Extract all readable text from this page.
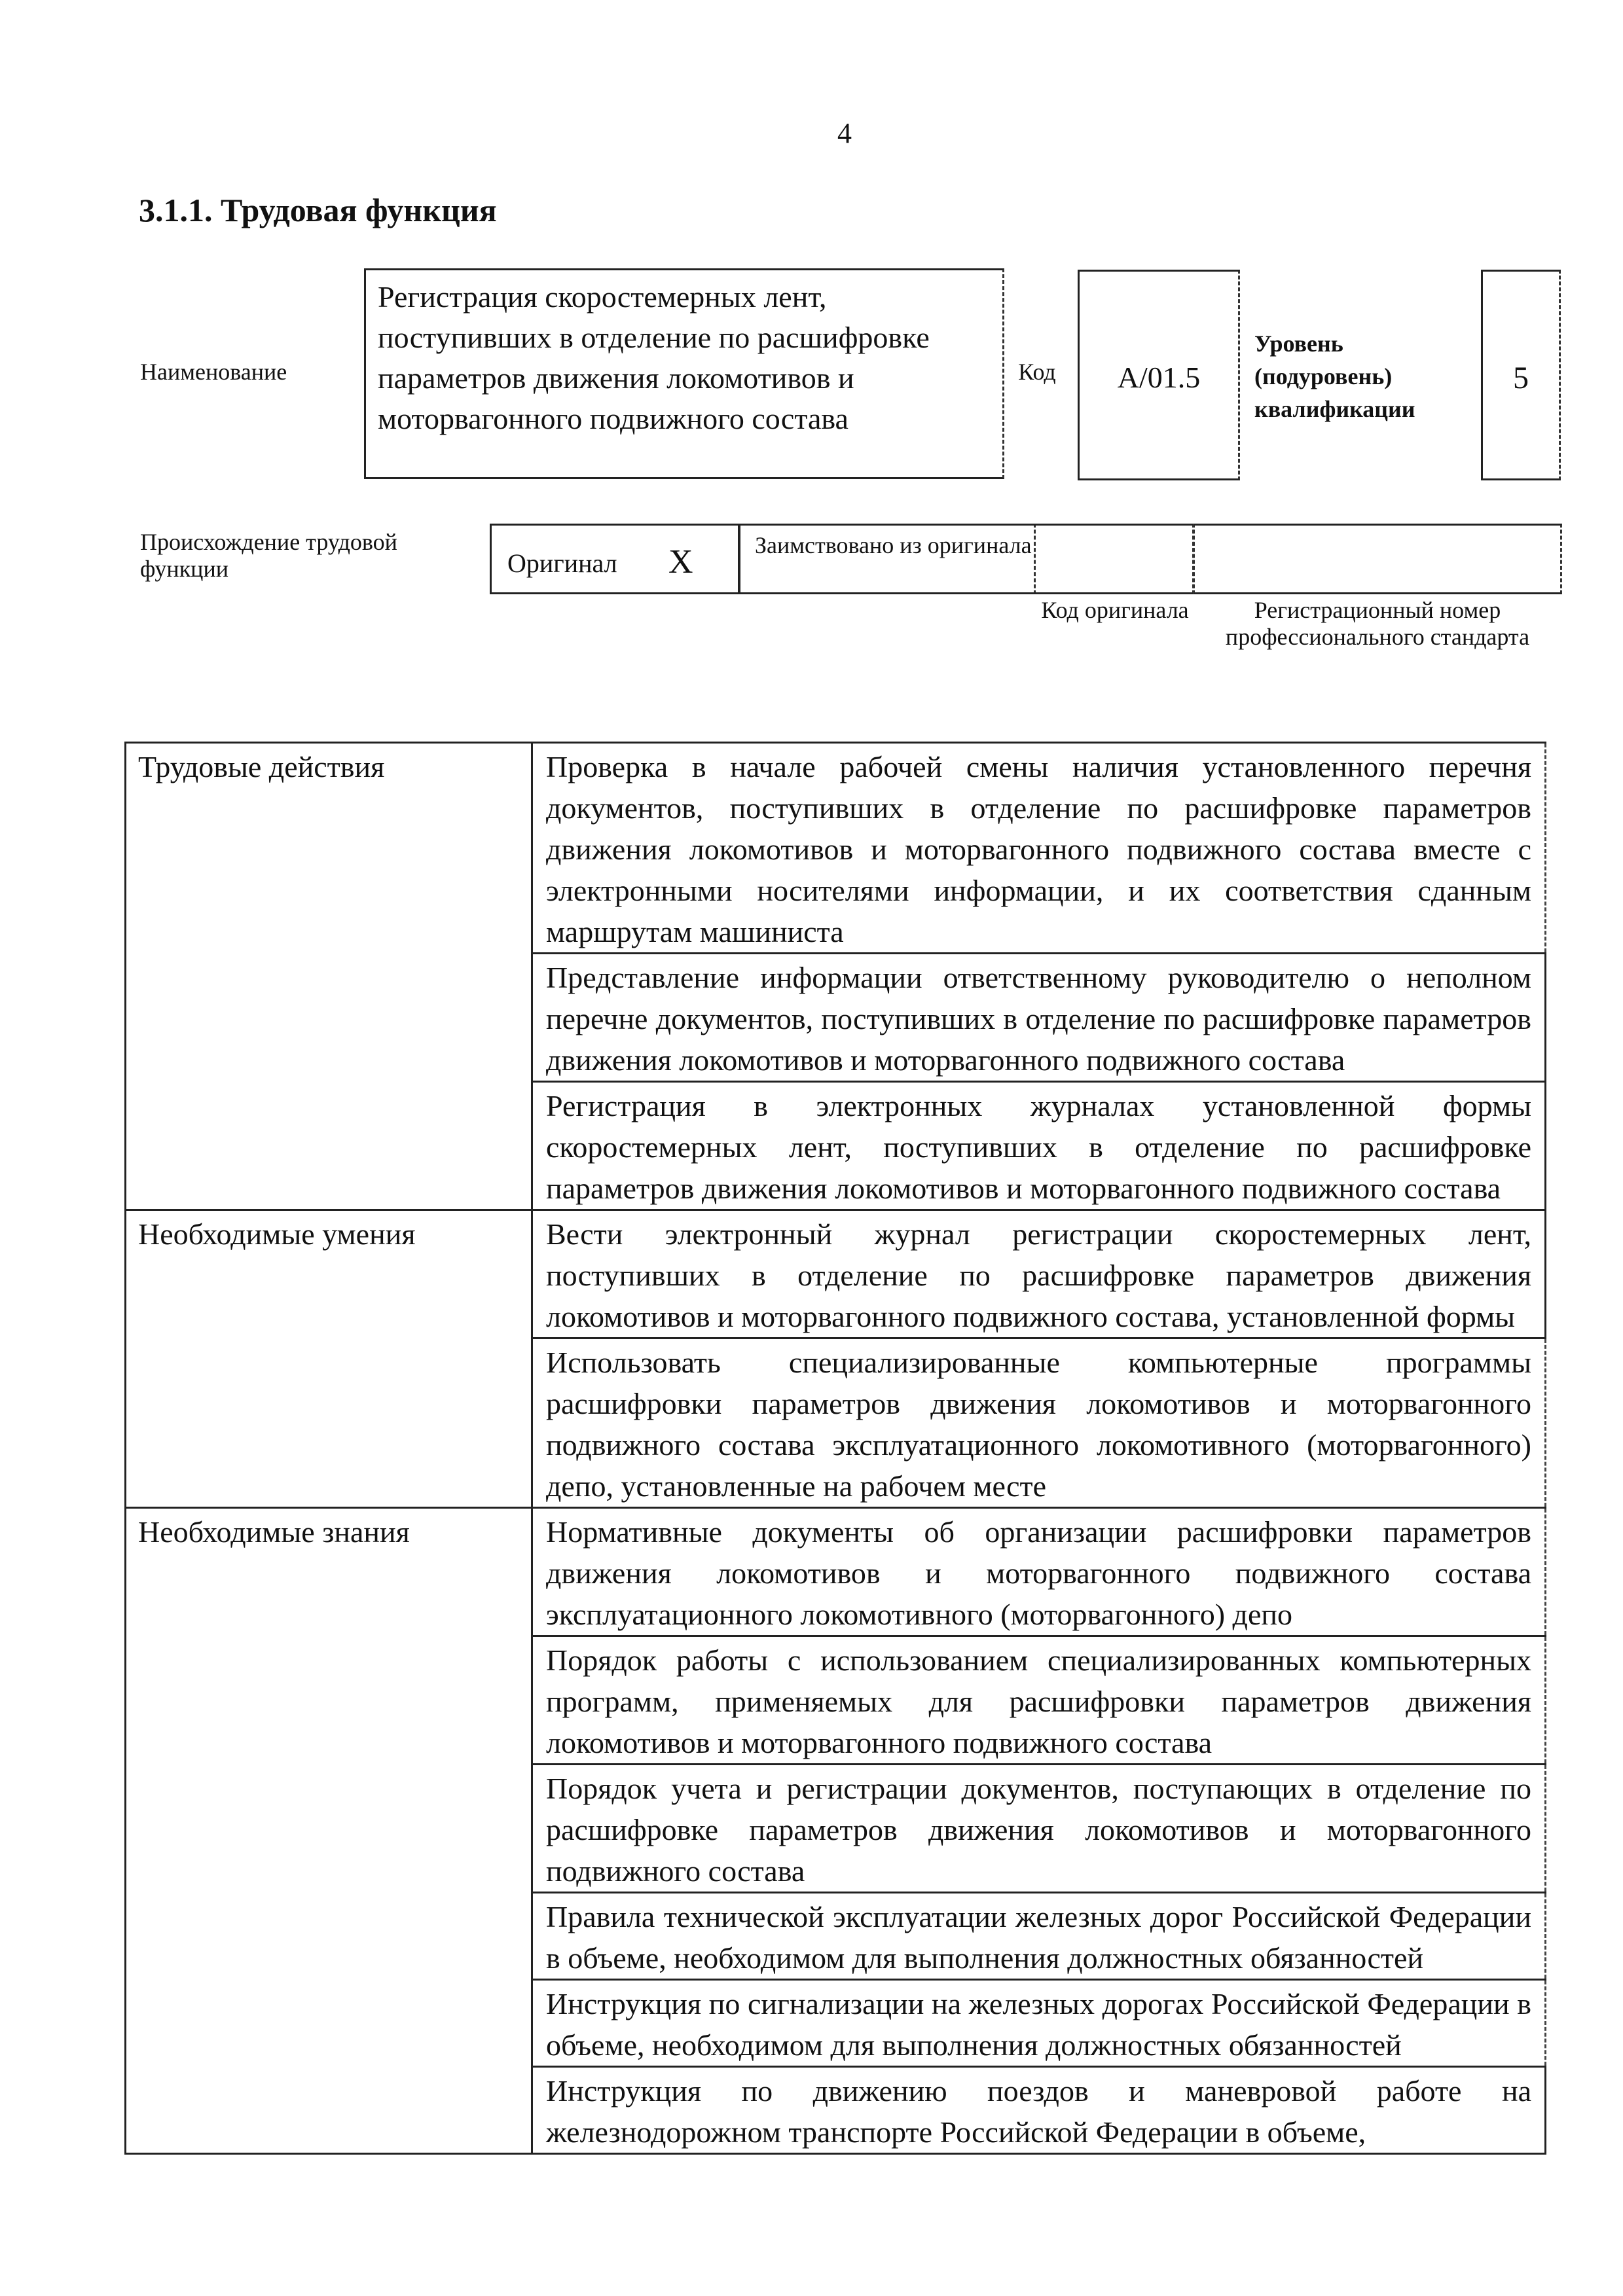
4
3.1.1. Трудовая функция
Наименование
Регистрация скоростемерных лент, поступивших в отделение по расшифровке параметров движения локомотивов и моторвагонного подвижного состава
Код	А/01.5
Уровень (подуровень) квалификации
5
Происхождение трудовой функции	Оригинал Х	Заимствовано из оригинала
Код оригинала	Регистрационный номер профессионального стандарта
Трудовые действия	Проверка в начале рабочей смены наличия установленного перечня документов, поступивших в отделение по расшифровке параметров движения локомотивов и моторвагонного подвижного состава вместе с электронными носителями информации, и их соответствия сданным маршрутам машиниста
	Представление информации ответственному руководителю о неполном перечне документов, поступивших в отделение по расшифровке параметров движения локомотивов и моторвагонного подвижного состава
	Регистрация в электронных журналах установленной формы скоростемерных лент, поступивших в отделение по расшифровке параметров движения локомотивов и моторвагонного подвижного состава
Необходимые умения	Вести электронный журнал регистрации скоростемерных лент, поступивших в отделение по расшифровке параметров движения локомотивов и моторвагонного подвижного состава, установленной формы
	Использовать специализированные компьютерные программы расшифровки параметров движения локомотивов и моторвагонного подвижного состава эксплуатационного локомотивного (моторвагонного) депо, установленные на рабочем месте
Необходимые знания	Нормативные документы об организации расшифровки параметров движения локомотивов и моторвагонного подвижного состава эксплуатационного локомотивного (моторвагонного) депо
	Порядок работы с использованием специализированных компьютерных программ, применяемых для расшифровки параметров движения локомотивов и моторвагонного подвижного состава
	Порядок учета и регистрации документов, поступающих в отделение по расшифровке параметров движения локомотивов и моторвагонного подвижного состава
	Правила технической эксплуатации железных дорог Российской Федерации в объеме, необходимом для выполнения должностных обязанностей
	Инструкция по сигнализации на железных дорогах Российской Федерации в объеме, необходимом для выполнения должностных обязанностей
	Инструкция по движению поездов и маневровой работе на железнодорожном транспорте Российской Федерации в объеме,
